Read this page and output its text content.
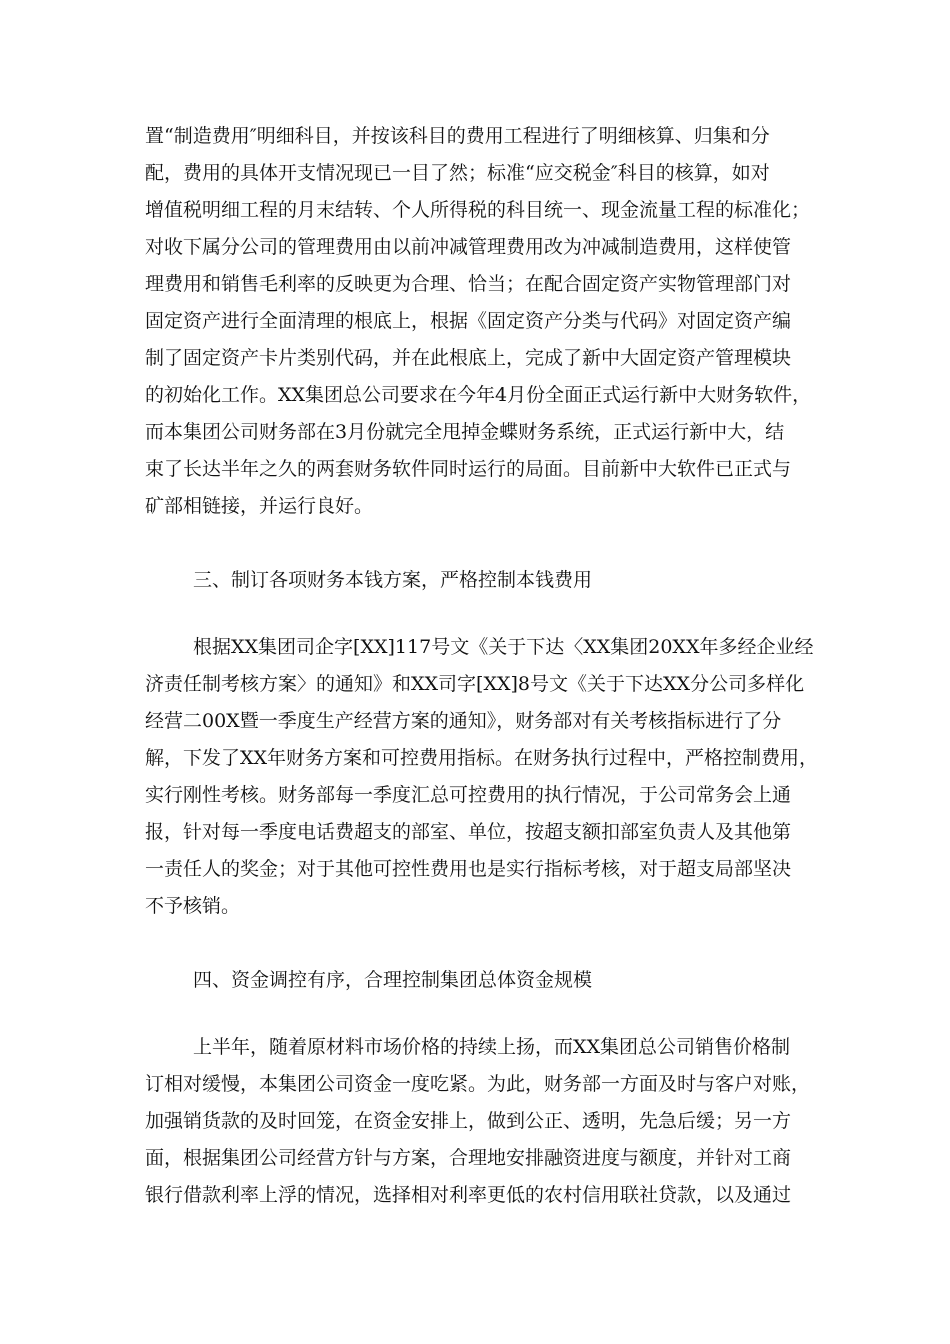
置“制造费用″明细科目，并按该科目的费用工程进行了明细核算、归集和分
配，费用的具体开支情况现已一目了然；标准“应交税金″科目的核算，如对
增值税明细工程的月末结转、个人所得税的科目统一、现金流量工程的标准化；
对收下属分公司的管理费用由以前冲减管理费用改为冲减制造费用，这样使管
理费用和销售毛利率的反映更为合理、恰当；在配合固定资产实物管理部门对
固定资产进行全面清理的根底上，根据《固定资产分类与代码》对固定资产编
制了固定资产卡片类别代码，并在此根底上，完成了新中大固定资产管理模块
的初始化工作。XX集团总公司要求在今年4月份全面正式运行新中大财务软件，
而本集团公司财务部在3月份就完全甩掉金蝶财务系统，正式运行新中大，结
束了长达半年之久的两套财务软件同时运行的局面。目前新中大软件已正式与
矿部相链接，并运行良好。
三、制订各项财务本钱方案，严格控制本钱费用
根据XX集团司企字[XX]117号文《关于下达〈XX集团20XX年多经企业经
济责任制考核方案〉的通知》和XX司字[XX]8号文《关于下达XX分公司多样化
经营二00X暨一季度生产经营方案的通知》，财务部对有关考核指标进行了分
解，下发了XX年财务方案和可控费用指标。在财务执行过程中，严格控制费用，
实行刚性考核。财务部每一季度汇总可控费用的执行情况，于公司常务会上通
报，针对每一季度电话费超支的部室、单位，按超支额扣部室负责人及其他第
一责任人的奖金；对于其他可控性费用也是实行指标考核，对于超支局部坚决
不予核销。
四、资金调控有序，合理控制集团总体资金规模
上半年，随着原材料市场价格的持续上扬，而XX集团总公司销售价格制
订相对缓慢，本集团公司资金一度吃紧。为此，财务部一方面及时与客户对账，
加强销货款的及时回笼，在资金安排上，做到公正、透明，先急后缓；另一方
面，根据集团公司经营方针与方案，合理地安排融资进度与额度，并针对工商
银行借款利率上浮的情况，选择相对利率更低的农村信用联社贷款，以及通过
